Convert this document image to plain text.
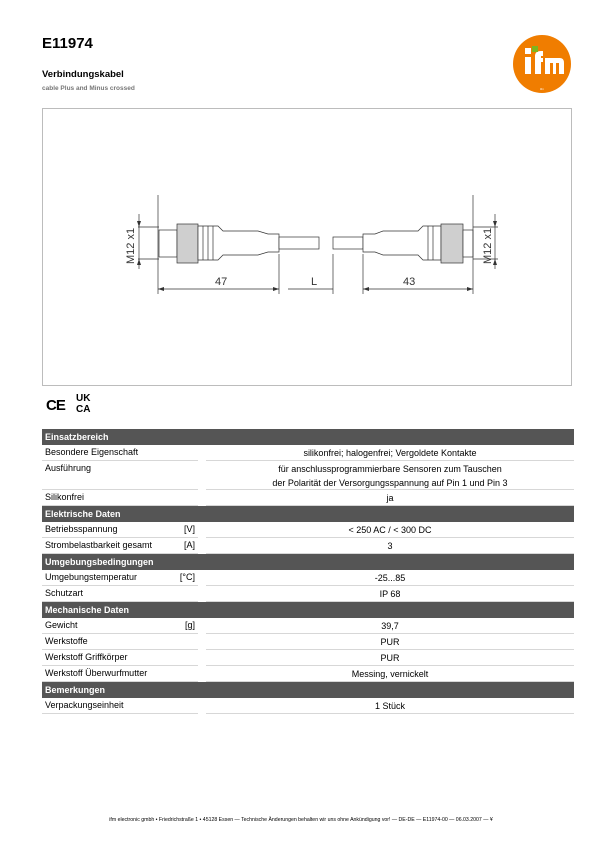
E11974
Verbindungskabel
cable Plus and Minus crossed	ifm
47	L	43
M12 x1	M12 x1
CE UK
CA
Einsatzbereich			

Besondere Eigenschaft			silikonfrei; halogenfrei; Vergoldete Kontakte

Ausführung			für anschlussprogrammierbare Sensoren zum Tauschen
der Polarität der Versorgungsspannung auf Pin 1 und Pin 3

Silikonfrei			ja

Elektrische Daten			

Betriebsspannung	[V]		< 250 AC / < 300 DC

Strombelastbarkeit gesamt	[A]		3

Umgebungsbedingungen			

Umgebungstemperatur	[°C]		-25...85

Schutzart			IP 68

Mechanische Daten			

Gewicht	[g]		39,7

Werkstoffe			PUR

Werkstoff Griffkörper			PUR

Werkstoff Überwurfmutter			Messing, vernickelt

Bemerkungen			

Verpackungseinheit			1 Stück
ifm electronic gmbh • Friedrichstraße 1 • 45128 Essen — Technische Änderungen behalten wir uns ohne Ankündigung vor! — DE-DE — E11974-00 — 06.03.2007 — ¥
